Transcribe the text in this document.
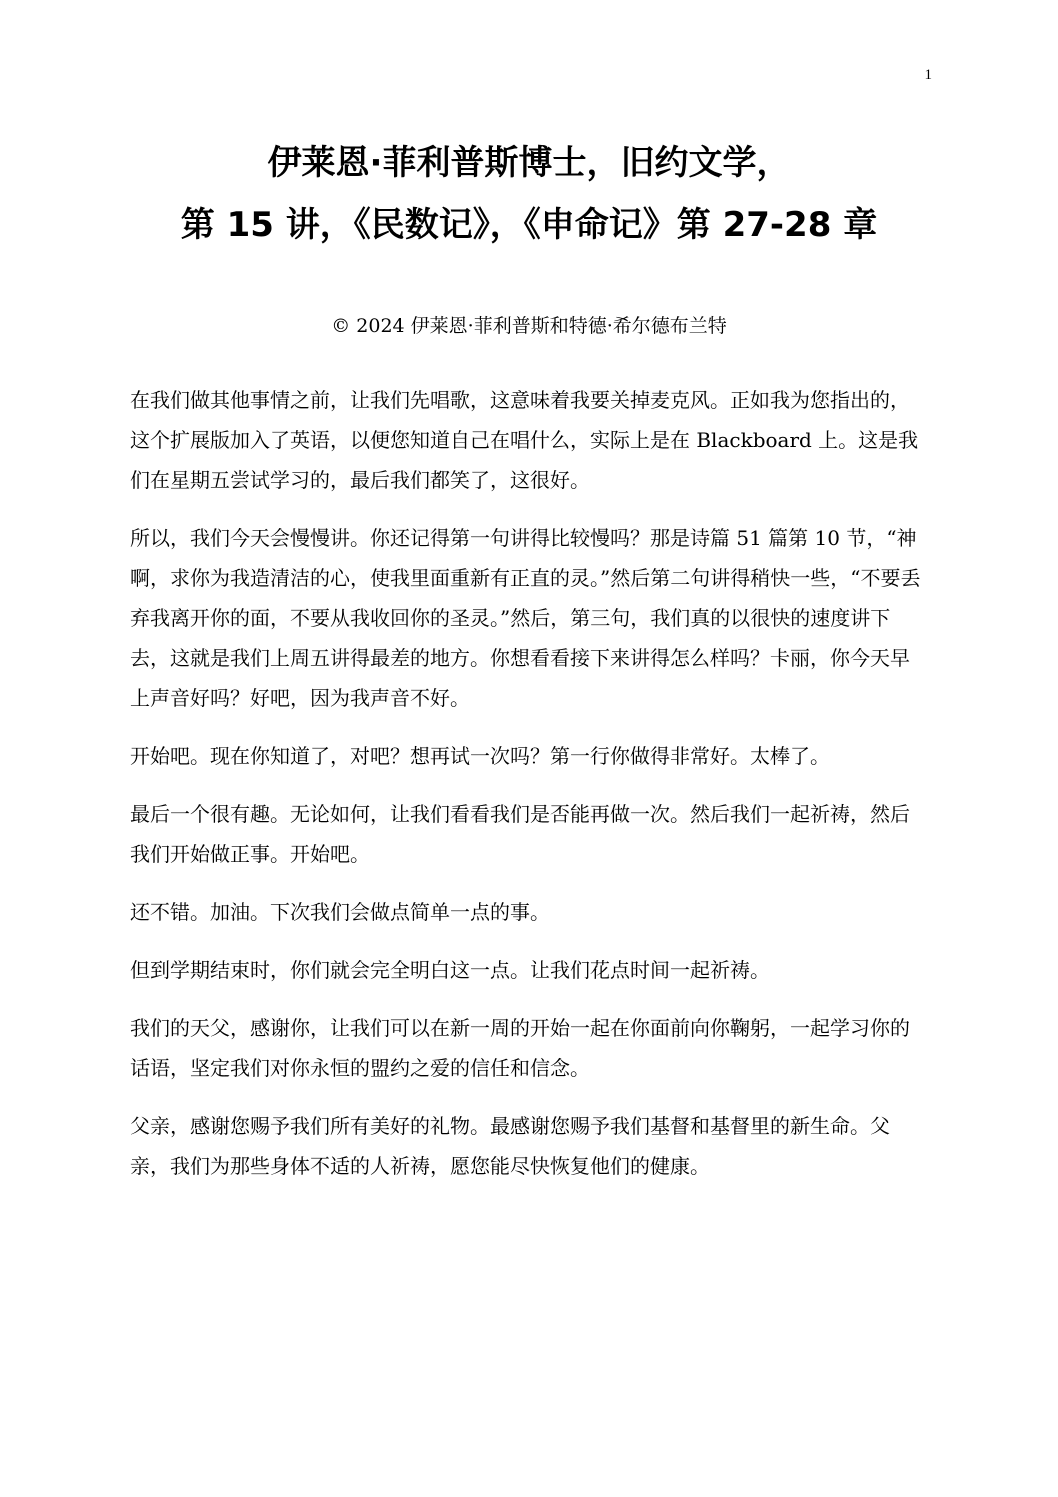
1
伊莱恩·菲利普斯博士，旧约文学，
第 15 讲，《民数记》，《申命记》第 27-28 章
© 2024 伊莱恩·菲利普斯和特德·希尔德布兰特

在我们做其他事情之前，让我们先唱歌，这意味着我要关掉麦克风。正如我为您指出的，这个扩展版加入了英语，以便您知道自己在唱什么，实际上是在 Blackboard 上。这是我们在星期五尝试学习的，最后我们都笑了，这很好。

所以，我们今天会慢慢讲。你还记得第一句讲得比较慢吗？那是诗篇 51 篇第 10 节，“神啊，求你为我造清洁的心，使我里面重新有正直的灵。”然后第二句讲得稍快一些，“不要丢弃我离开你的面，不要从我收回你的圣灵。”然后，第三句，我们真的以很快的速度讲下去，这就是我们上周五讲得最差的地方。你想看看接下来讲得怎么样吗？卡丽，你今天早上声音好吗？好吧，因为我声音不好。

开始吧。现在你知道了，对吧？想再试一次吗？第一行你做得非常好。太棒了。

最后一个很有趣。无论如何，让我们看看我们是否能再做一次。然后我们一起祈祷，然后我们开始做正事。开始吧。

还不错。加油。下次我们会做点简单一点的事。

但到学期结束时，你们就会完全明白这一点。让我们花点时间一起祈祷。

我们的天父，感谢你，让我们可以在新一周的开始一起在你面前向你鞠躬，一起学习你的话语，坚定我们对你永恒的盟约之爱的信任和信念。

父亲，感谢您赐予我们所有美好的礼物。最感谢您赐予我们基督和基督里的新生命。父亲，我们为那些身体不适的人祈祷，愿您能尽快恢复他们的健康。
